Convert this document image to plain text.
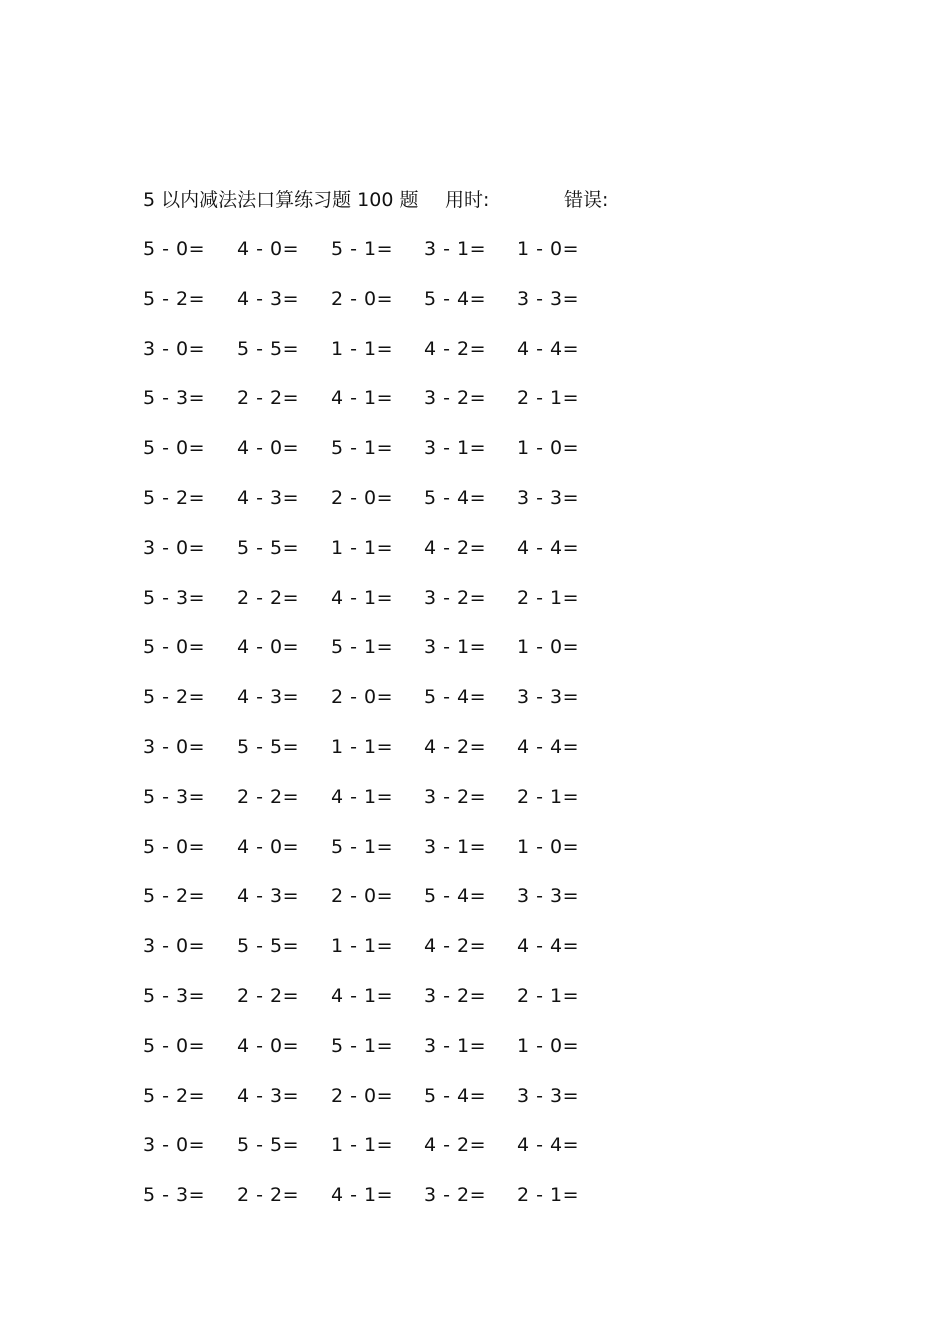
5 以内减法法口算练习题 100 题 用时:	错误:
5 - 0= 4 - 0= 5 - 1= 3 - 1= 1 - 0=
5 - 2= 4 - 3= 2 - 0= 5 - 4= 3 - 3=
3 - 0= 5 - 5= 1 - 1= 4 - 2= 4 - 4=
5 - 3= 2 - 2= 4 - 1= 3 - 2= 2 - 1=
5 - 0= 4 - 0= 5 - 1= 3 - 1= 1 - 0=
5 - 2= 4 - 3= 2 - 0= 5 - 4= 3 - 3=
3 - 0= 5 - 5= 1 - 1= 4 - 2= 4 - 4=
5 - 3= 2 - 2= 4 - 1= 3 - 2= 2 - 1=
5 - 0= 4 - 0= 5 - 1= 3 - 1= 1 - 0=
5 - 2= 4 - 3= 2 - 0= 5 - 4= 3 - 3=
3 - 0= 5 - 5= 1 - 1= 4 - 2= 4 - 4=
5 - 3= 2 - 2= 4 - 1= 3 - 2= 2 - 1=
5 - 0= 4 - 0= 5 - 1= 3 - 1= 1 - 0=
5 - 2= 4 - 3= 2 - 0= 5 - 4= 3 - 3=
3 - 0= 5 - 5= 1 - 1= 4 - 2= 4 - 4=
5 - 3= 2 - 2= 4 - 1= 3 - 2= 2 - 1=
5 - 0= 4 - 0= 5 - 1= 3 - 1= 1 - 0=
5 - 2= 4 - 3= 2 - 0= 5 - 4= 3 - 3=
3 - 0= 5 - 5= 1 - 1= 4 - 2= 4 - 4=
5 - 3= 2 - 2= 4 - 1= 3 - 2= 2 - 1=
